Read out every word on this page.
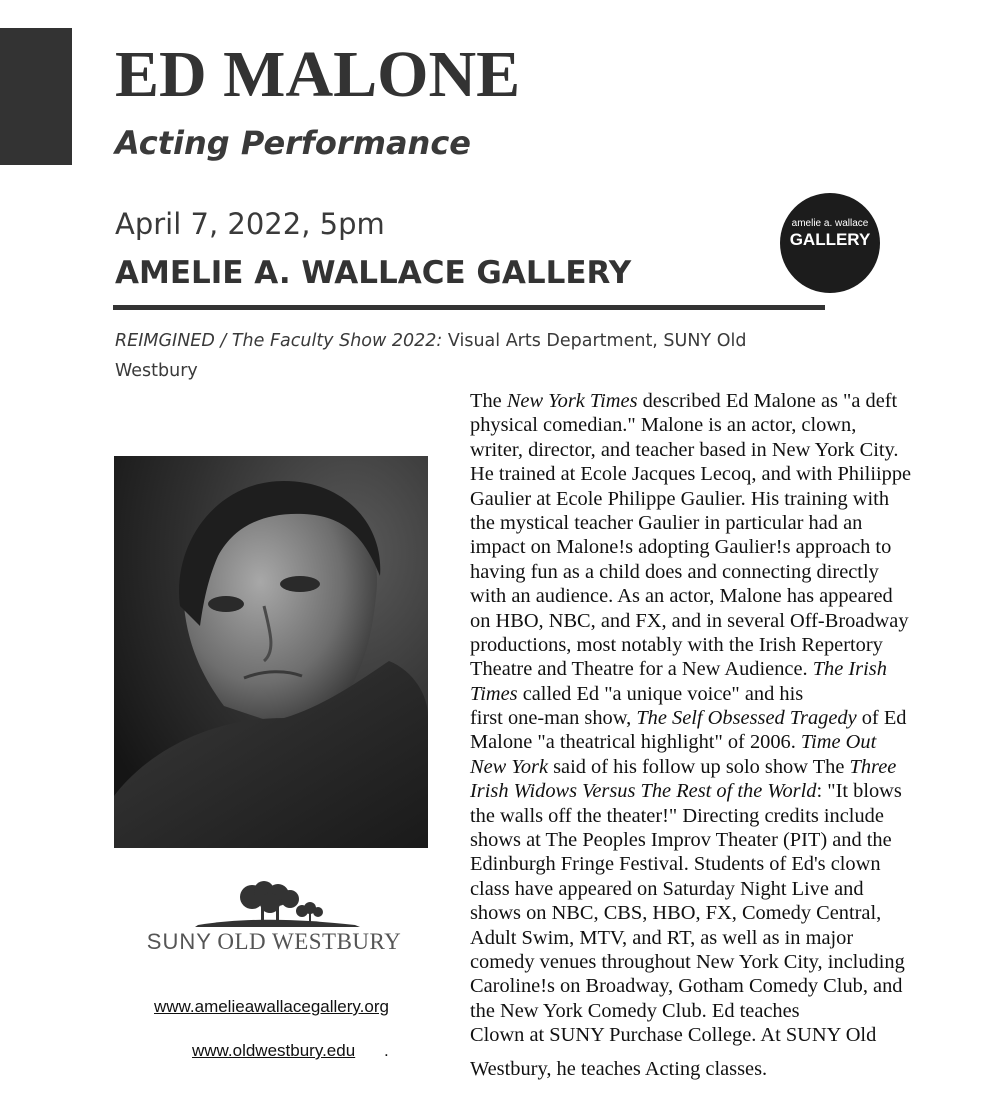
ED MALONE
Acting Performance
April 7, 2022, 5pm
AMELIE A. WALLACE GALLERY
amelie a. wallace
GALLERY

REIMGINED / The Faculty Show 2022: Visual Arts Department, SUNY Old Westbury

SUNY OLD WESTBURY
www.amelieawallacegallery.org
www.oldwestbury.edu .

The New York Times described Ed Malone as "a deft
physical comedian." Malone is an actor, clown,
writer, director, and teacher based in New York City.
He trained at Ecole Jacques Lecoq, and with Philiippe
Gaulier at Ecole Philippe Gaulier. His training with
the mystical teacher Gaulier in particular had an
impact on Malone!s adopting Gaulier!s approach to
having fun as a child does and connecting directly
with an audience. As an actor, Malone has appeared
on HBO, NBC, and FX, and in several Off-Broadway
productions, most notably with the Irish Repertory
Theatre and Theatre for a New Audience. The Irish
Times called Ed "a unique voice" and his
first one-man show, The Self Obsessed Tragedy of Ed
Malone "a theatrical highlight" of 2006. Time Out
New York said of his follow up solo show The Three
Irish Widows Versus The Rest of the World: "It blows
the walls off the theater!" Directing credits include
shows at The Peoples Improv Theater (PIT) and the
Edinburgh Fringe Festival. Students of Ed's clown
class have appeared on Saturday Night Live and
shows on NBC, CBS, HBO, FX, Comedy Central,
Adult Swim, MTV, and RT, as well as in major
comedy venues throughout New York City, including
Caroline!s on Broadway, Gotham Comedy Club, and
the New York Comedy Club. Ed teaches
Clown at SUNY Purchase College. At SUNY Old
Westbury, he teaches Acting classes.
